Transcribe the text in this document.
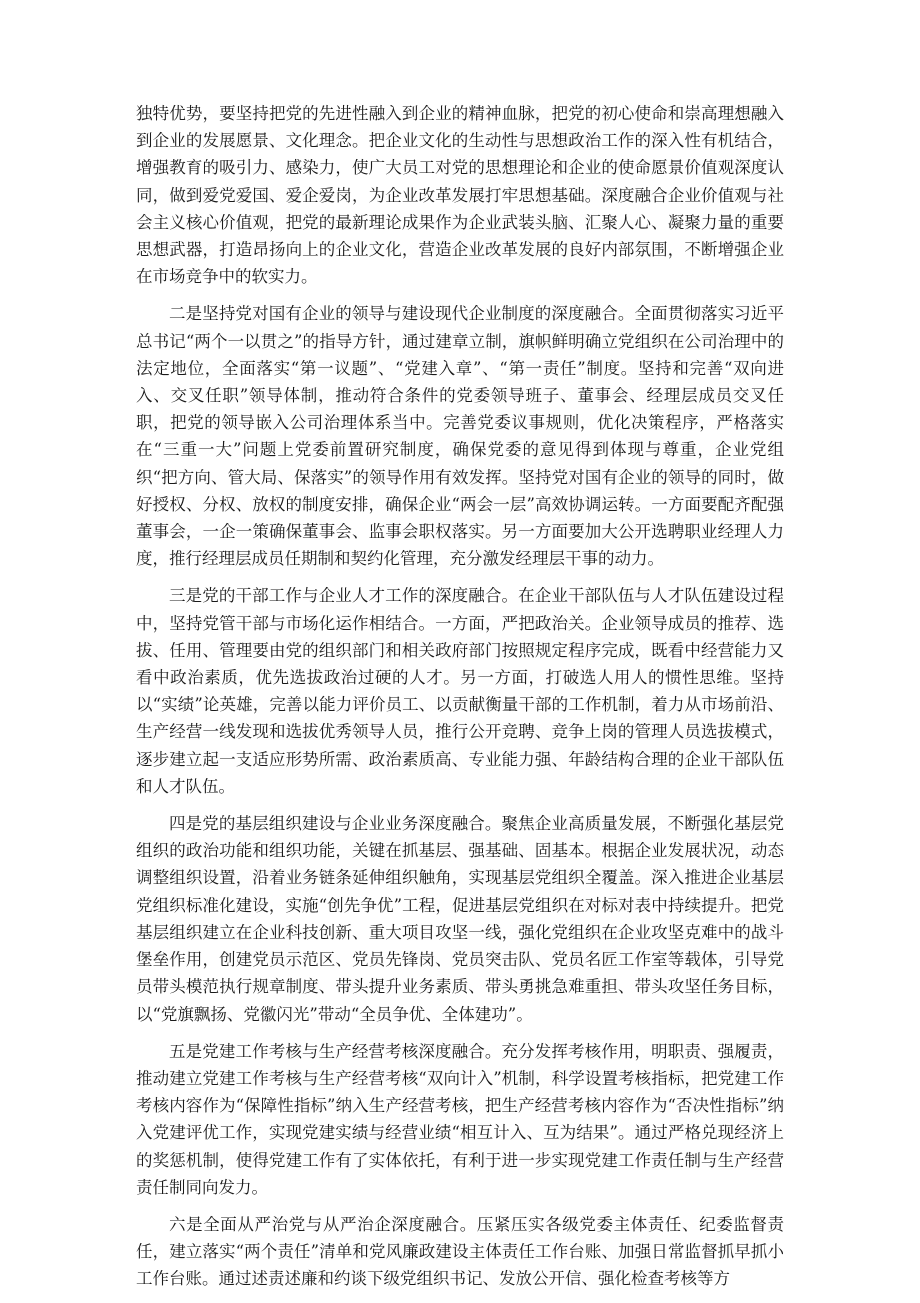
独特优势，要坚持把党的先进性融入到企业的精神血脉，把党的初心使命和崇高理想融入到企业的发展愿景、文化理念。把企业文化的生动性与思想政治工作的深入性有机结合，增强教育的吸引力、感染力，使广大员工对党的思想理论和企业的使命愿景价值观深度认同，做到爱党爱国、爱企爱岗，为企业改革发展打牢思想基础。深度融合企业价值观与社会主义核心价值观，把党的最新理论成果作为企业武装头脑、汇聚人心、凝聚力量的重要思想武器，打造昂扬向上的企业文化，营造企业改革发展的良好内部氛围，不断增强企业在市场竞争中的软实力。

二是坚持党对国有企业的领导与建设现代企业制度的深度融合。全面贯彻落实习近平总书记“两个一以贯之”的指导方针，通过建章立制，旗帜鲜明确立党组织在公司治理中的法定地位，全面落实“第一议题”、“党建入章”、“第一责任”制度。坚持和完善“双向进入、交叉任职”领导体制，推动符合条件的党委领导班子、董事会、经理层成员交叉任职，把党的领导嵌入公司治理体系当中。完善党委议事规则，优化决策程序，严格落实在“三重一大”问题上党委前置研究制度，确保党委的意见得到体现与尊重，企业党组织“把方向、管大局、保落实”的领导作用有效发挥。坚持党对国有企业的领导的同时，做好授权、分权、放权的制度安排，确保企业“两会一层”高效协调运转。一方面要配齐配强董事会，一企一策确保董事会、监事会职权落实。另一方面要加大公开选聘职业经理人力度，推行经理层成员任期制和契约化管理，充分激发经理层干事的动力。

三是党的干部工作与企业人才工作的深度融合。在企业干部队伍与人才队伍建设过程中，坚持党管干部与市场化运作相结合。一方面，严把政治关。企业领导成员的推荐、选拔、任用、管理要由党的组织部门和相关政府部门按照规定程序完成，既看中经营能力又看中政治素质，优先选拔政治过硬的人才。另一方面，打破选人用人的惯性思维。坚持以“实绩”论英雄，完善以能力评价员工、以贡献衡量干部的工作机制，着力从市场前沿、生产经营一线发现和选拔优秀领导人员，推行公开竞聘、竞争上岗的管理人员选拔模式，逐步建立起一支适应形势所需、政治素质高、专业能力强、年龄结构合理的企业干部队伍和人才队伍。

四是党的基层组织建设与企业业务深度融合。聚焦企业高质量发展，不断强化基层党组织的政治功能和组织功能，关键在抓基层、强基础、固基本。根据企业发展状况，动态调整组织设置，沿着业务链条延伸组织触角，实现基层党组织全覆盖。深入推进企业基层党组织标准化建设，实施“创先争优”工程，促进基层党组织在对标对表中持续提升。把党基层组织建立在企业科技创新、重大项目攻坚一线，强化党组织在企业攻坚克难中的战斗堡垒作用，创建党员示范区、党员先锋岗、党员突击队、党员名匠工作室等载体，引导党员带头模范执行规章制度、带头提升业务素质、带头勇挑急难重担、带头攻坚任务目标，以“党旗飘扬、党徽闪光”带动“全员争优、全体建功”。

五是党建工作考核与生产经营考核深度融合。充分发挥考核作用，明职责、强履责，推动建立党建工作考核与生产经营考核“双向计入”机制，科学设置考核指标，把党建工作考核内容作为“保障性指标”纳入生产经营考核，把生产经营考核内容作为“否决性指标”纳入党建评优工作，实现党建实绩与经营业绩“相互计入、互为结果”。通过严格兑现经济上的奖惩机制，使得党建工作有了实体依托，有利于进一步实现党建工作责任制与生产经营责任制同向发力。

六是全面从严治党与从严治企深度融合。压紧压实各级党委主体责任、纪委监督责任，建立落实“两个责任”清单和党风廉政建设主体责任工作台账、加强日常监督抓早抓小工作台账。通过述责述廉和约谈下级党组织书记、发放公开信、强化检查考核等方
